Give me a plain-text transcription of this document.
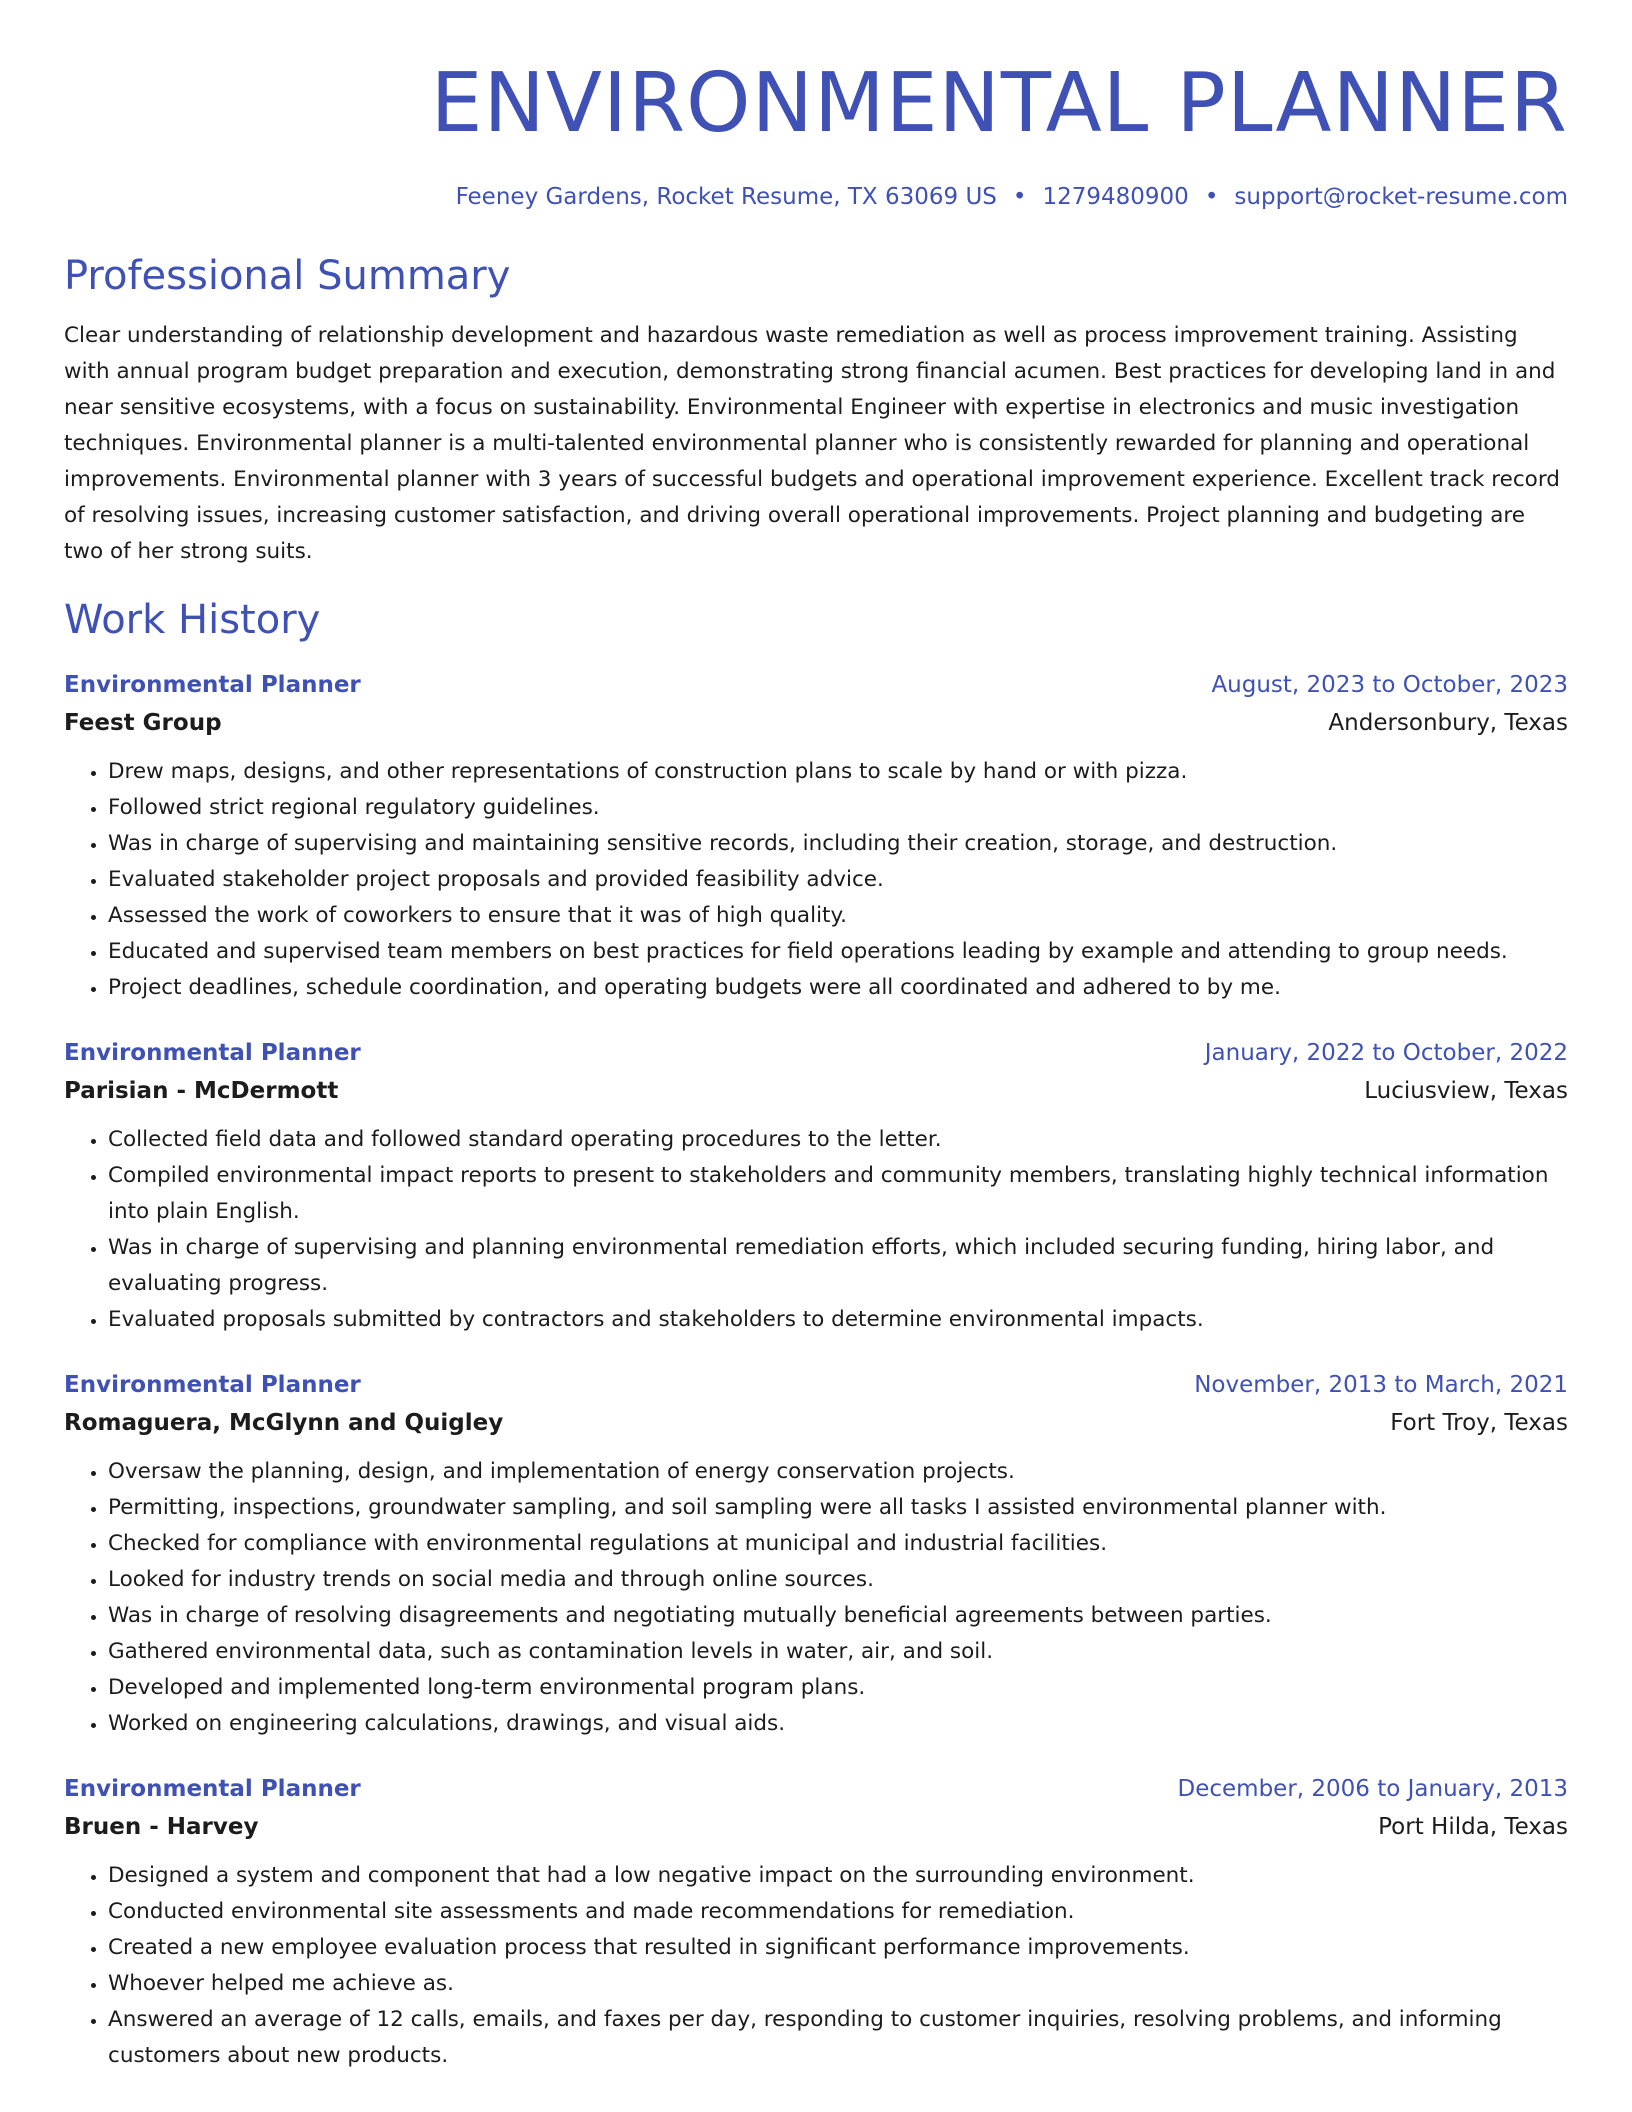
ENVIRONMENTAL PLANNER
Feeney Gardens, Rocket Resume, TX 63069 US • 1279480900 • support@rocket-resume.com
Professional Summary

Clear understanding of relationship development and hazardous waste remediation as well as process improvement training. Assisting with annual program budget preparation and execution, demonstrating strong financial acumen. Best practices for developing land in and near sensitive ecosystems, with a focus on sustainability. Environmental Engineer with expertise in electronics and music investigation techniques. Environmental planner is a multi-talented environmental planner who is consistently rewarded for planning and operational improvements. Environmental planner with 3 years of successful budgets and operational improvement experience. Excellent track record of resolving issues, increasing customer satisfaction, and driving overall operational improvements. Project planning and budgeting are two of her strong suits.

Work History
Environmental Planner	August, 2023 to October, 2023
Feest Group	Andersonbury, Texas
• Drew maps, designs, and other representations of construction plans to scale by hand or with pizza.
• Followed strict regional regulatory guidelines.
• Was in charge of supervising and maintaining sensitive records, including their creation, storage, and destruction.
• Evaluated stakeholder project proposals and provided feasibility advice.
• Assessed the work of coworkers to ensure that it was of high quality.
• Educated and supervised team members on best practices for field operations leading by example and attending to group needs.
• Project deadlines, schedule coordination, and operating budgets were all coordinated and adhered to by me.
Environmental Planner	January, 2022 to October, 2022
Parisian - McDermott	Luciusview, Texas
• Collected field data and followed standard operating procedures to the letter.
• Compiled environmental impact reports to present to stakeholders and community members, translating highly technical information into plain English.
• Was in charge of supervising and planning environmental remediation efforts, which included securing funding, hiring labor, and evaluating progress.
• Evaluated proposals submitted by contractors and stakeholders to determine environmental impacts.
Environmental Planner	November, 2013 to March, 2021
Romaguera, McGlynn and Quigley	Fort Troy, Texas
• Oversaw the planning, design, and implementation of energy conservation projects.
• Permitting, inspections, groundwater sampling, and soil sampling were all tasks I assisted environmental planner with.
• Checked for compliance with environmental regulations at municipal and industrial facilities.
• Looked for industry trends on social media and through online sources.
• Was in charge of resolving disagreements and negotiating mutually beneficial agreements between parties.
• Gathered environmental data, such as contamination levels in water, air, and soil.
• Developed and implemented long-term environmental program plans.
• Worked on engineering calculations, drawings, and visual aids.
Environmental Planner	December, 2006 to January, 2013
Bruen - Harvey	Port Hilda, Texas
• Designed a system and component that had a low negative impact on the surrounding environment.
• Conducted environmental site assessments and made recommendations for remediation.
• Created a new employee evaluation process that resulted in significant performance improvements.
• Whoever helped me achieve as.
• Answered an average of 12 calls, emails, and faxes per day, responding to customer inquiries, resolving problems, and informing customers about new products.
